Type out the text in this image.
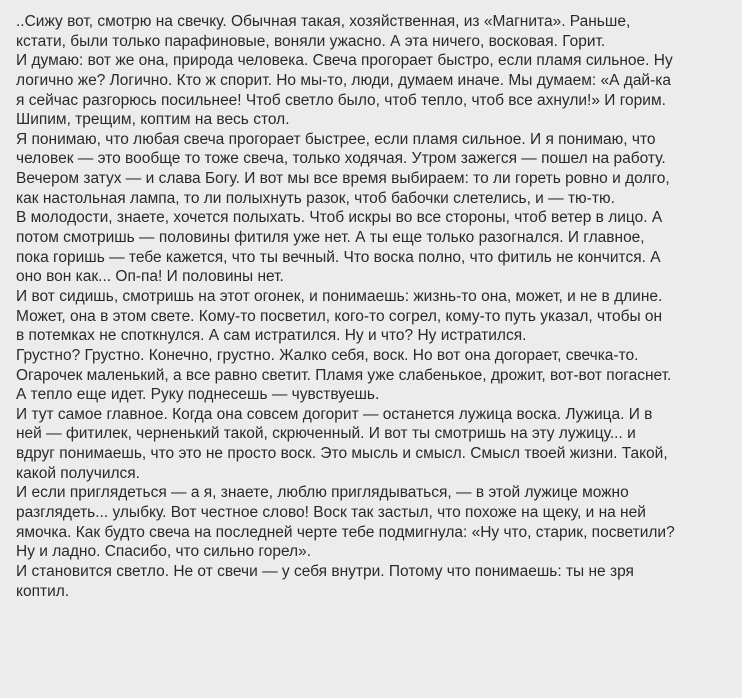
..Сижу вот, смотрю на свечку. Обычная такая, хозяйственная, из «Магнита». Раньше,
кстати, были только парафиновые, воняли ужасно. А эта ничего, восковая. Горит.
И думаю: вот же она, природа человека. Свеча прогорает быстро, если пламя сильное. Ну
логично же? Логично. Кто ж спорит. Но мы-то, люди, думаем иначе. Мы думаем: «А дай-ка
я сейчас разгорюсь посильнее! Чтоб светло было, чтоб тепло, чтоб все ахнули!» И горим.
Шипим, трещим, коптим на весь стол.
Я понимаю, что любая свеча прогорает быстрее, если пламя сильное. И я понимаю, что
человек — это вообще то тоже свеча, только ходячая. Утром зажегся — пошел на работу.
Вечером затух — и слава Богу. И вот мы все время выбираем: то ли гореть ровно и долго,
как настольная лампа, то ли полыхнуть разок, чтоб бабочки слетелись, и — тю-тю.
В молодости, знаете, хочется полыхать. Чтоб искры во все стороны, чтоб ветер в лицо. А
потом смотришь — половины фитиля уже нет. А ты еще только разогнался. И главное,
пока горишь — тебе кажется, что ты вечный. Что воска полно, что фитиль не кончится. А
оно вон как... Оп-па! И половины нет.
И вот сидишь, смотришь на этот огонек, и понимаешь: жизнь-то она, может, и не в длине.
Может, она в этом свете. Кому-то посветил, кого-то согрел, кому-то путь указал, чтобы он
в потемках не споткнулся. А сам истратился. Ну и что? Ну истратился.
Грустно? Грустно. Конечно, грустно. Жалко себя, воск. Но вот она догорает, свечка-то.
Огарочек маленький, а все равно светит. Пламя уже слабенькое, дрожит, вот-вот погаснет.
А тепло еще идет. Руку поднесешь — чувствуешь.
И тут самое главное. Когда она совсем догорит — останется лужица воска. Лужица. И в
ней — фитилек, черненький такой, скрюченный. И вот ты смотришь на эту лужицу... и
вдруг понимаешь, что это не просто воск. Это мысль и смысл. Смысл твоей жизни. Такой,
какой получился.
И если приглядеться — а я, знаете, люблю приглядываться, — в этой лужице можно
разглядеть... улыбку. Вот честное слово! Воск так застыл, что похоже на щеку, и на ней
ямочка. Как будто свеча на последней черте тебе подмигнула: «Ну что, старик, посветили?
Ну и ладно. Спасибо, что сильно горел».
И становится светло. Не от свечи — у себя внутри. Потому что понимаешь: ты не зря
коптил.
